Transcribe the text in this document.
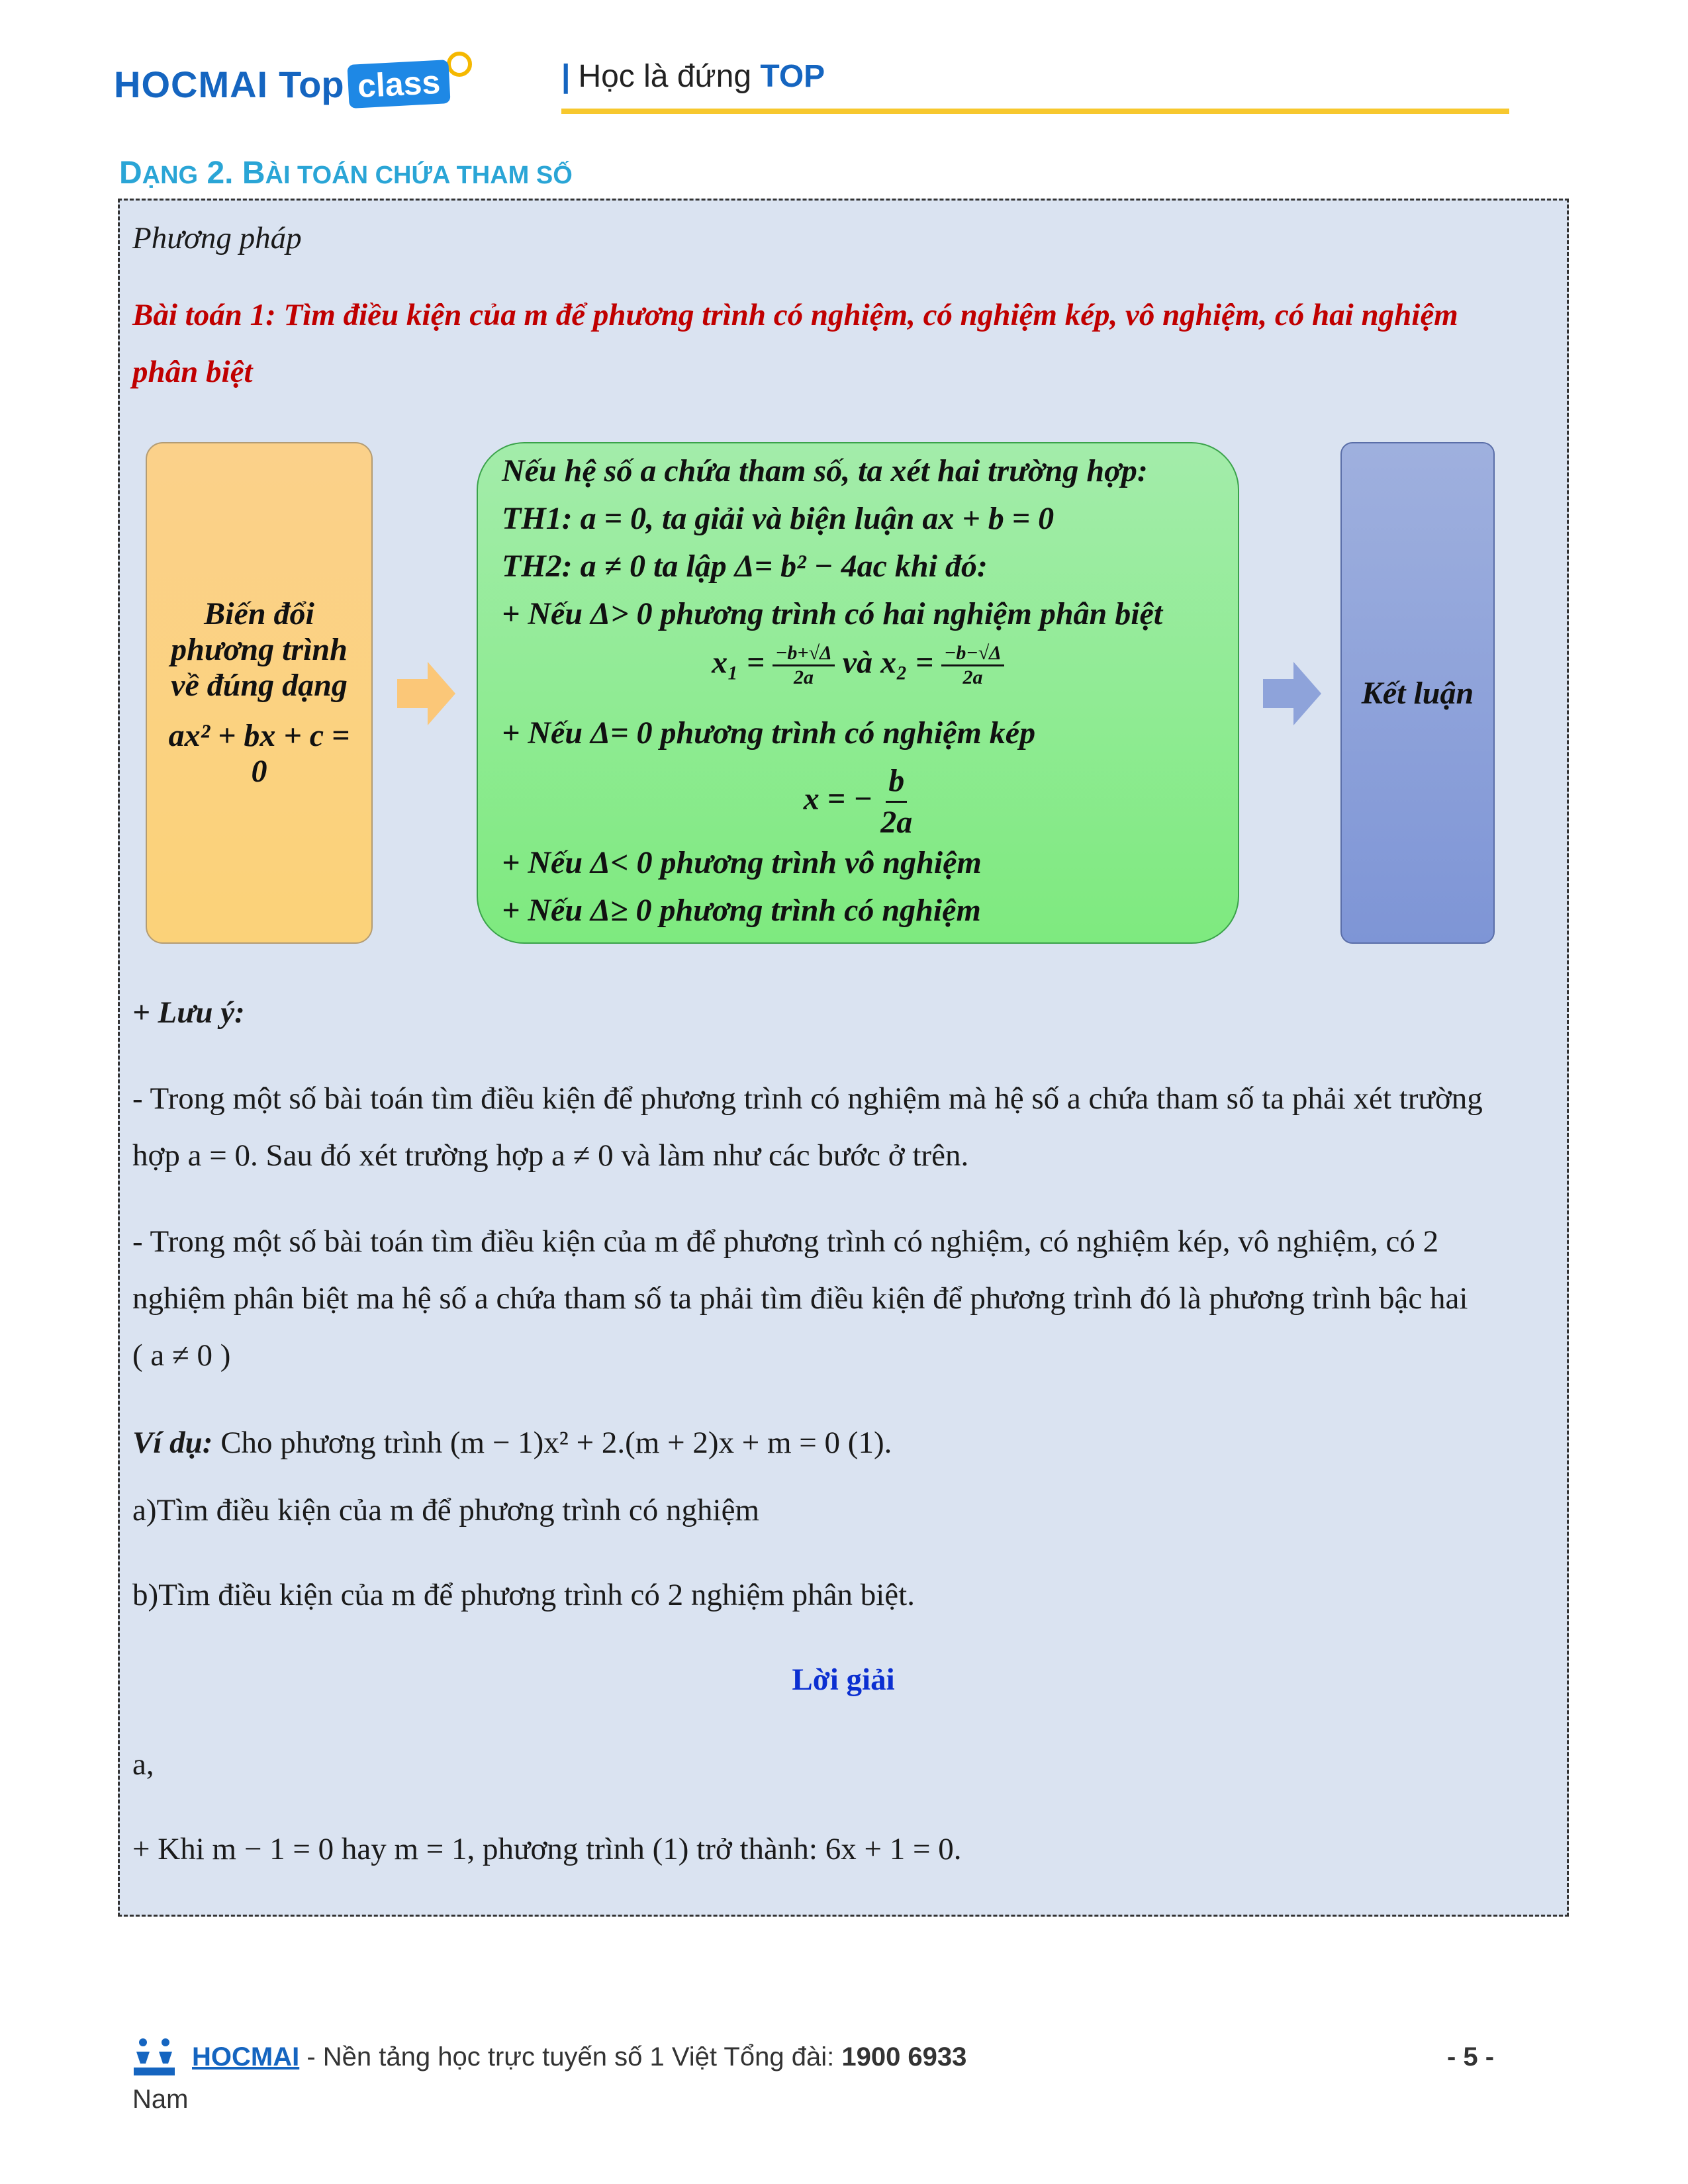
HOCMAI Top class	| Học là đứng TOP
DẠNG 2. BÀI TOÁN CHỨA THAM SỐ
Phương pháp
Bài toán 1: Tìm điều kiện của m để phương trình có nghiệm, có nghiệm kép, vô nghiệm, có hai nghiệm
phân biệt
Biến đổi
phương trình
về đúng dạng
ax² + bx + c =
0
Nếu hệ số a chứa tham số, ta xét hai trường hợp:
TH1: a = 0, ta giải và biện luận ax + b = 0
TH2: a ≠ 0 ta lập Δ= b² − 4ac khi đó:
+ Nếu Δ> 0 phương trình có hai nghiệm phân biệt
$x_1 = \frac{-b+√\Delta}{2a}$ và $x_2 = \frac{-b-√\Delta}{2a}$
+ Nếu Δ= 0 phương trình có nghiệm kép
x = − $\frac{b}{2a}$
+ Nếu Δ< 0 phương trình vô nghiệm
+ Nếu Δ≥ 0 phương trình có nghiệm
Kết luận
+ Lưu ý:
- Trong một số bài toán tìm điều kiện để phương trình có nghiệm mà hệ số a chứa tham số ta phải xét trường
hợp a = 0. Sau đó xét trường hợp a ≠ 0 và làm như các bước ở trên.
- Trong một số bài toán tìm điều kiện của m để phương trình có nghiệm, có nghiệm kép, vô nghiệm, có 2
nghiệm phân biệt ma hệ số a chứa tham số ta phải tìm điều kiện để phương trình đó là phương trình bậc hai
( a ≠ 0 )
Ví dụ: Cho phương trình (m − 1)x² + 2.(m + 2)x + m = 0 (1).
a)Tìm điều kiện của m để phương trình có nghiệm
b)Tìm điều kiện của m để phương trình có 2 nghiệm phân biệt.
Lời giải
a,
+ Khi m − 1 = 0 hay m = 1, phương trình (1) trở thành: 6x + 1 = 0.
HOCMAI - Nền tảng học trực tuyến số 1 Việt Tổng đài: 1900 6933
Nam
- 5 -
